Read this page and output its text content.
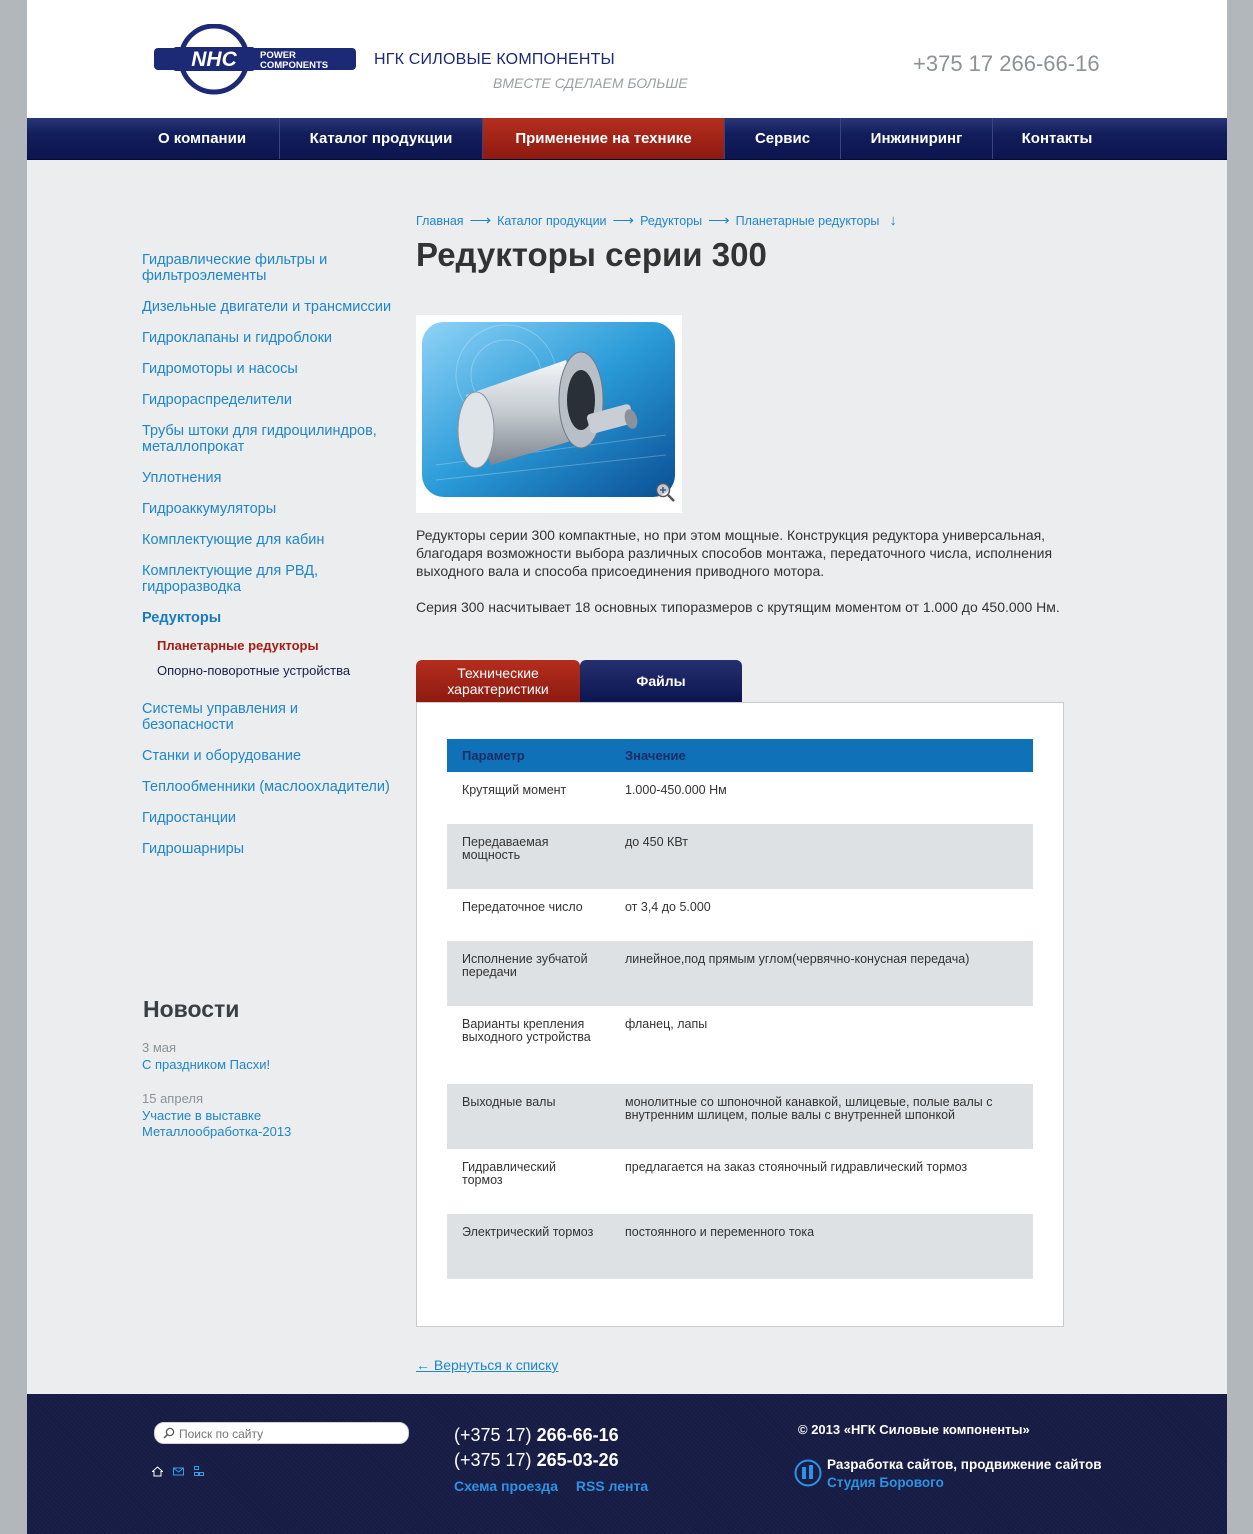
NHC POWER
COMPONENTS	НГК СИЛОВЫЕ КОМПОНЕНТЫ
ВМЕСТЕ СДЕЛАЕМ БОЛЬШЕ
+375 17 266-66-16
О компании	Каталог продукции	Применение на технике	Сервис	Инжиниринг	Контакты
Гидравлические фильтры и фильтроэлементы
Дизельные двигатели и трансмиссии
Гидроклапаны и гидроблоки
Гидромоторы и насосы
Гидрораспределители
Трубы штоки для гидроцилиндров, металлопрокат
Уплотнения
Гидроаккумуляторы
Комплектующие для кабин
Комплектующие для РВД, гидроразводка
Редукторы
Планетарные редукторы
Опорно-поворотные устройства
Системы управления и безопасности
Станки и оборудование
Теплообменники (маслоохладители)
Гидростанции
Гидрошарниры
Новости
3 мая
С праздником Пасхи!
15 апреля
Участие в выставке Металлообработка-2013
Главная ⟶ Каталог продукции ⟶ Редукторы ⟶ Планетарные редукторы ↓
Редукторы серии 300

Редукторы серии 300 компактные, но при этом мощные. Конструкция редуктора универсальная, благодаря возможности выбора различных способов монтажа, передаточного числа, исполнения выходного вала и способа присоединения приводного мотора.

Серия 300 насчитывает 18 основных типоразмеров с крутящим моментом от 1.000 до 450.000 Нм.

Технические характеристики	Файлы
Параметр	Значение
Крутящий момент	1.000-450.000 Нм
Передаваемая мощность	до 450 КВт
Передаточное число	от 3,4 до 5.000
Исполнение зубчатой передачи	линейное,под прямым углом(червячно-конусная передача)
Варианты крепления выходного устройства	фланец, лапы
Выходные валы	монолитные со шпоночной канавкой, шлицевые, полые валы с внутренним шлицем, полые валы с внутренней шпонкой
Гидравлический тормоз	предлагается на заказ стояночный гидравлический тормоз
Электрический тормоз	постоянного и переменного тока
← Вернуться к списку
Поиск по сайту
(+375 17) 266-66-16
(+375 17) 265-03-26
Схема проезда RSS лента
© 2013 «НГК Силовые компоненты»
Разработка сайтов, продвижение сайтов
Студия Борового
